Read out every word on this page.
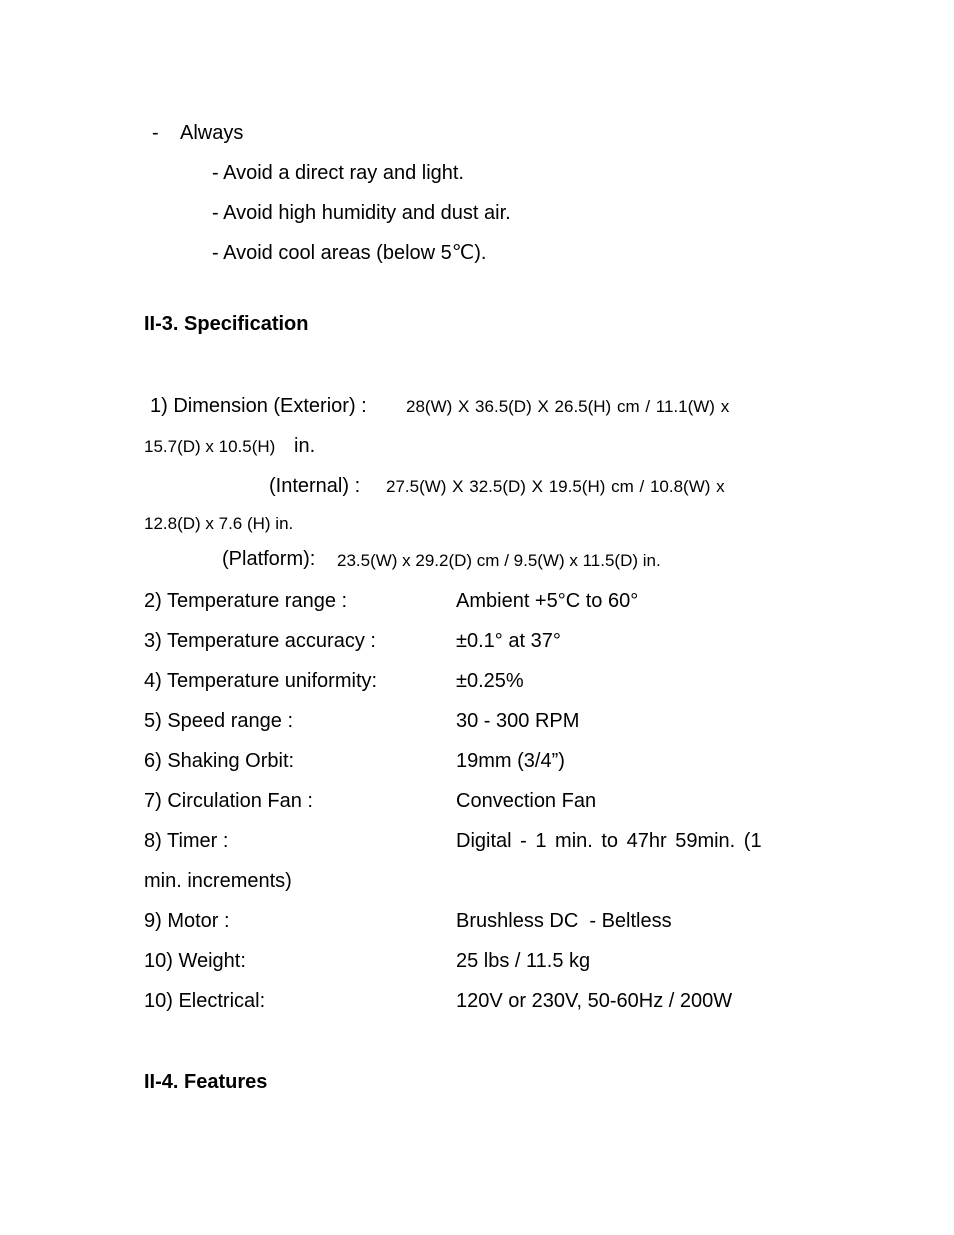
- Always
- Avoid a direct ray and light.
- Avoid high humidity and dust air.
- Avoid cool areas (below 5℃).
II-3. Specification
1) Dimension (Exterior) : 28(W) X 36.5(D) X 26.5(H) cm / 11.1(W) x
15.7(D) x 10.5(H) in.
(Internal) : 27.5(W) X 32.5(D) X 19.5(H) cm / 10.8(W) x
12.8(D) x 7.6 (H) in.
(Platform): 23.5(W) x 29.2(D) cm / 9.5(W) x 11.5(D) in.
2) Temperature range :	Ambient +5°C to 60°
3) Temperature accuracy :	±0.1° at 37°
4) Temperature uniformity:	±0.25%
5) Speed range :	30 - 300 RPM
6) Shaking Orbit:	19mm (3/4”)
7) Circulation Fan :	Convection Fan
8) Timer :	Digital - 1 min. to 47hr 59min. (1
min. increments)
9) Motor :	Brushless DC  - Beltless
10) Weight:	25 lbs / 11.5 kg
10) Electrical:	120V or 230V, 50-60Hz / 200W
II-4. Features
